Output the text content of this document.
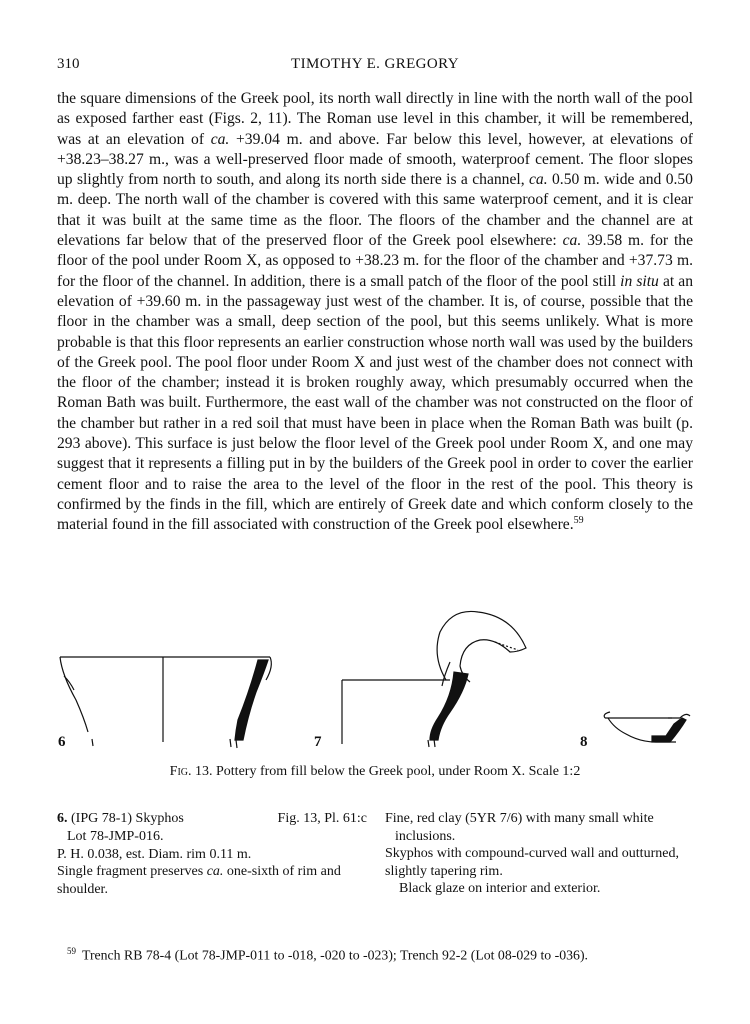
310	TIMOTHY E. GREGORY

the square dimensions of the Greek pool, its north wall directly in line with the north wall of the pool as exposed farther east (Figs. 2, 11). The Roman use level in this chamber, it will be remembered, was at an elevation of ca. +39.04 m. and above. Far below this level, however, at elevations of +38.23–38.27 m., was a well-preserved floor made of smooth, waterproof cement. The floor slopes up slightly from north to south, and along its north side there is a channel, ca. 0.50 m. wide and 0.50 m. deep. The north wall of the chamber is covered with this same waterproof cement, and it is clear that it was built at the same time as the floor. The floors of the chamber and the channel are at elevations far below that of the preserved floor of the Greek pool elsewhere: ca. 39.58 m. for the floor of the pool under Room X, as opposed to +38.23 m. for the floor of the chamber and +37.73 m. for the floor of the channel. In addition, there is a small patch of the floor of the pool still in situ at an elevation of +39.60 m. in the passageway just west of the chamber. It is, of course, possible that the floor in the chamber was a small, deep section of the pool, but this seems unlikely. What is more probable is that this floor represents an earlier construction whose north wall was used by the builders of the Greek pool. The pool floor under Room X and just west of the chamber does not connect with the floor of the chamber; instead it is broken roughly away, which presumably occurred when the Roman Bath was built. Furthermore, the east wall of the chamber was not constructed on the floor of the chamber but rather in a red soil that must have been in place when the Roman Bath was built (p. 293 above). This surface is just below the floor level of the Greek pool under Room X, and one may suggest that it represents a filling put in by the builders of the Greek pool in order to cover the earlier cement floor and to raise the area to the level of the floor in the rest of the pool. This theory is confirmed by the finds in the fill, which are entirely of Greek date and which conform closely to the material found in the fill associated with construction of the Greek pool elsewhere.$^{59}$

6	7	8
Fig. 13. Pottery from fill below the Greek pool, under Room X. Scale 1:2
6. (IPG 78-1) Skyphos	Fig. 13, Pl. 61:c
Lot 78-JMP-016.
P. H. 0.038, est. Diam. rim 0.11 m.
Single fragment preserves ca. one-sixth of rim and shoulder.
Fine, red clay (5YR 7/6) with many small white inclusions.
Skyphos with compound-curved wall and outturned, slightly tapering rim.
Black glaze on interior and exterior.
$^{59}$ Trench RB 78-4 (Lot 78-JMP-011 to -018, -020 to -023); Trench 92-2 (Lot 08-029 to -036).
